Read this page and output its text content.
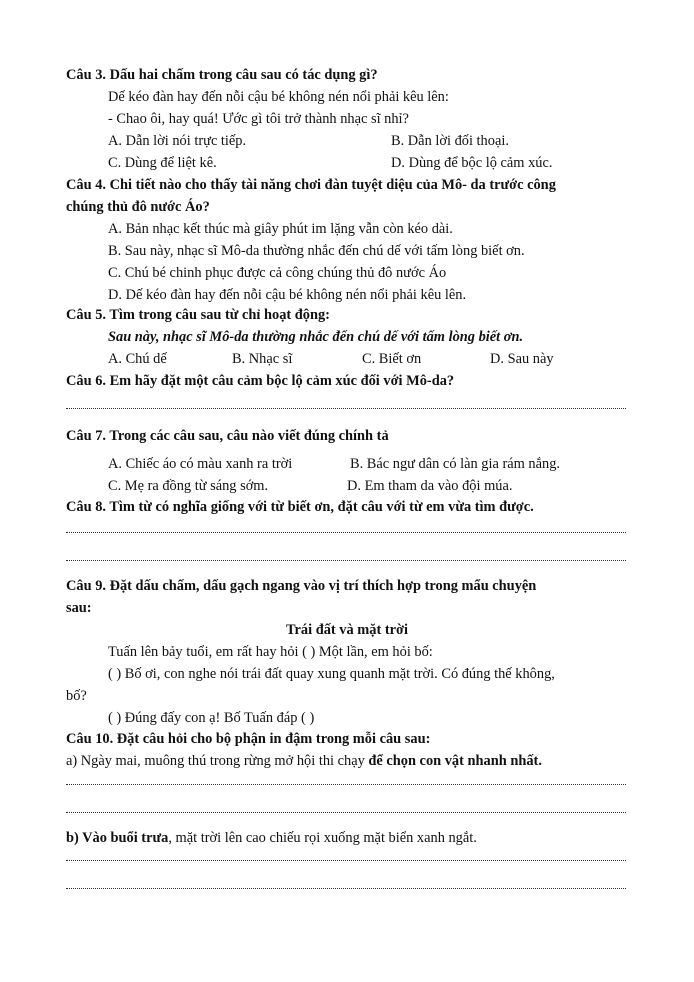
Câu 3. Dấu hai chấm trong câu sau có tác dụng gì?
Dế kéo đàn hay đến nỗi cậu bé không nén nổi phải kêu lên:
- Chao ôi, hay quá! Ước gì tôi trở thành nhạc sĩ nhỉ?
A. Dẫn lời nói trực tiếp.	B. Dẫn lời đối thoại.
C. Dùng để liệt kê.	D. Dùng để bộc lộ cảm xúc.
Câu 4. Chi tiết nào cho thấy tài năng chơi đàn tuyệt diệu của Mô- da trước công
chúng thủ đô nước Áo?
A. Bản nhạc kết thúc mà giây phút im lặng vẫn còn kéo dài.
B. Sau này, nhạc sĩ Mô-da thường nhắc đến chú dế với tấm lòng biết ơn.
C. Chú bé chinh phục được cả công chúng thủ đô nước Áo
D. Dế kéo đàn hay đến nỗi cậu bé không nén nổi phải kêu lên.
Câu 5. Tìm trong câu sau từ chỉ hoạt động:
Sau này, nhạc sĩ Mô-da thường nhắc đến chú dế với tấm lòng biết ơn.
A. Chú dế	B. Nhạc sĩ	C. Biết ơn	D. Sau này
Câu 6. Em hãy đặt một câu cảm bộc lộ cảm xúc đối với Mô-da?
Câu 7. Trong các câu sau, câu nào viết đúng chính tả
A. Chiếc áo có màu xanh ra trời	B. Bác ngư dân có làn gia rám nắng.
C. Mẹ ra đồng từ sáng sớm.	D. Em tham da vào đội múa.
Câu 8. Tìm từ có nghĩa giống với từ biết ơn, đặt câu với từ em vừa tìm được.
Câu 9. Đặt dấu chấm, dấu gạch ngang vào vị trí thích hợp trong mẩu chuyện
sau:
Trái đất và mặt trời
Tuấn lên bảy tuổi, em rất hay hỏi ( ) Một lần, em hỏi bố:
( ) Bố ơi, con nghe nói trái đất quay xung quanh mặt trời. Có đúng thế không,
bố?
( ) Đúng đấy con ạ! Bố Tuấn đáp ( )
Câu 10. Đặt câu hỏi cho bộ phận in đậm trong mỗi câu sau:
a) Ngày mai, muông thú trong rừng mở hội thi chạy để chọn con vật nhanh nhất.
b) Vào buổi trưa, mặt trời lên cao chiếu rọi xuống mặt biển xanh ngắt.
